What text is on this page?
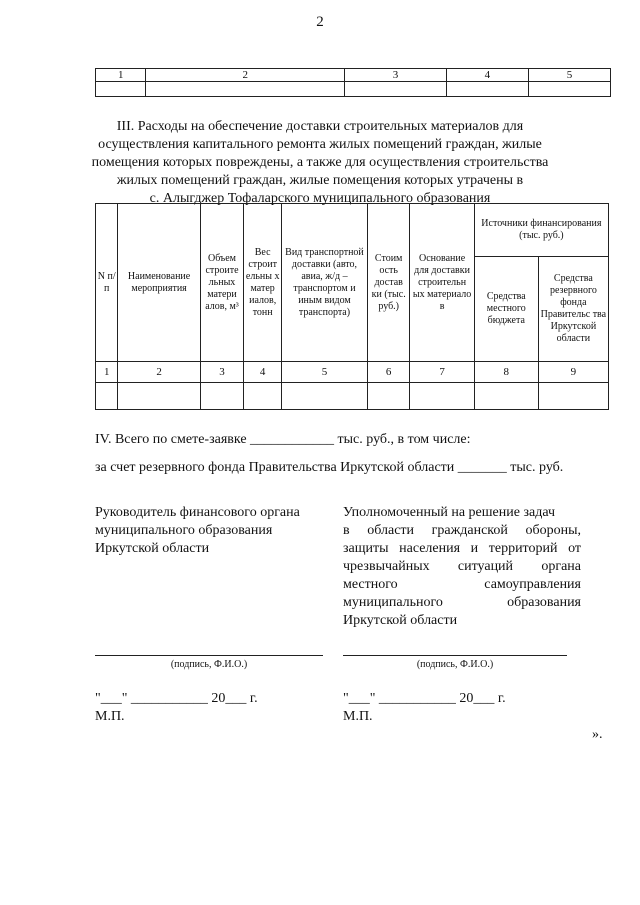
2
1	2	3	4	5

III. Расходы на обеспечение доставки строительных материалов для
осуществления капитального ремонта жилых помещений граждан, жилые
помещения которых повреждены, а также для осуществления строительства
жилых помещений граждан, жилые помещения которых утрачены в
с. Алыгджер Тофаларского муниципального образования
N п/ п	Наименование мероприятия	Объем строите льных матери алов, м³	Вес строит ельны х матер иалов, тонн	Вид транспортной доставки (авто, авиа, ж/д – транспортом и иным видом транспорта)	Стоим ость достав ки (тыс. руб.)	Основание для доставки строительн ых материало в	Источники финансирования (тыс. руб.)	
							Средства местного бюджета	Средства резервного фонда Правительс тва Иркутской области
1	2	3	4	5	6	7	8	9

IV. Всего по смете-заявке ____________ тыс. руб., в том числе:
за счет резервного фонда Правительства Иркутской области _______ тыс. руб.
Руководитель финансового органа
муниципального образования
Иркутской области
Уполномоченный на решение задач
в области гражданской обороны,
защиты населения и территорий от
чрезвычайных ситуаций органа
местного самоуправления
муниципального образования
Иркутской области
(подпись, Ф.И.О.)	(подпись, Ф.И.О.)
"___" ___________ 20___ г.
М.П.
"___" ___________ 20___ г.
М.П.
».
